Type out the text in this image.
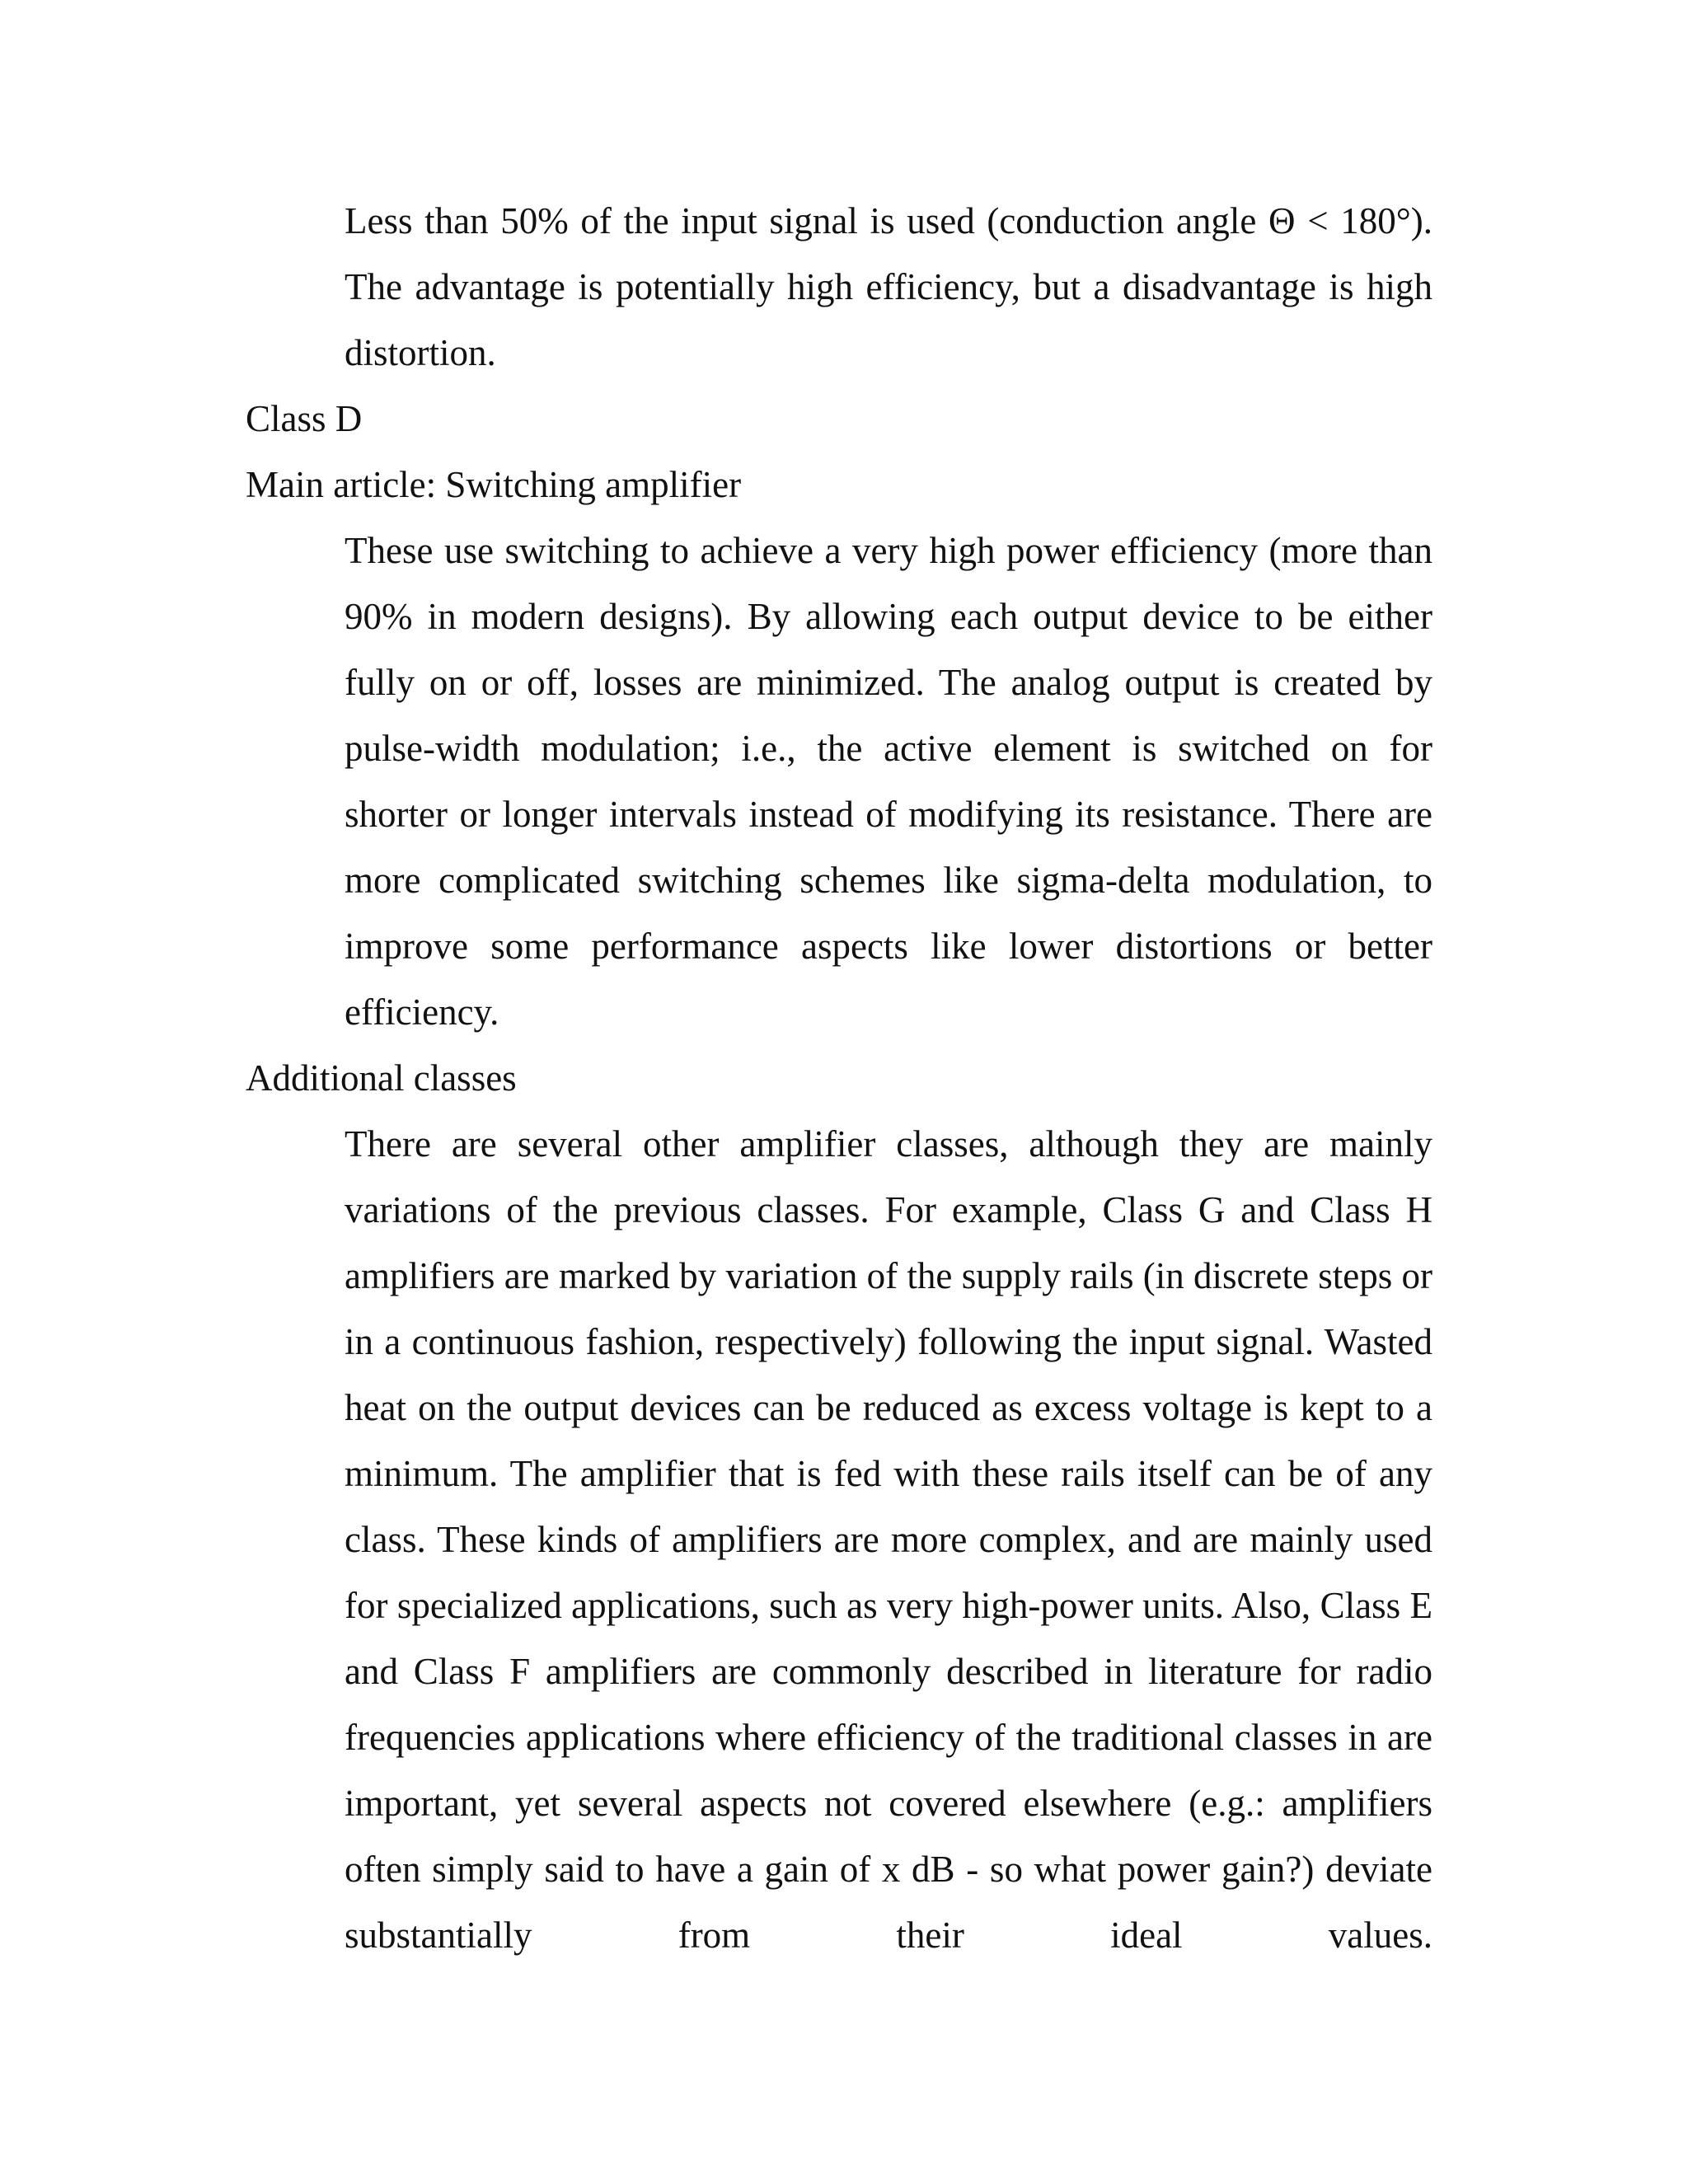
Less than 50% of the input signal is used (conduction angle Θ < 180°). The advantage is potentially high efficiency, but a disadvantage is high distortion.

Class D
Main article: Switching amplifier

These use switching to achieve a very high power efficiency (more than 90% in modern designs). By allowing each output device to be either fully on or off, losses are minimized. The analog output is created by pulse-width modulation; i.e., the active element is switched on for shorter or longer intervals instead of modifying its resistance. There are more complicated switching schemes like sigma-delta modulation, to improve some performance aspects like lower distortions or better efficiency.

Additional classes

There are several other amplifier classes, although they are mainly variations of the previous classes. For example, Class G and Class H amplifiers are marked by variation of the supply rails (in discrete steps or in a continuous fashion, respectively) following the input signal. Wasted heat on the output devices can be reduced as excess voltage is kept to a minimum. The amplifier that is fed with these rails itself can be of any class. These kinds of amplifiers are more complex, and are mainly used for specialized applications, such as very high-power units. Also, Class E and Class F amplifiers are commonly described in literature for radio frequencies applications where efficiency of the traditional classes in are important, yet several aspects not covered elsewhere (e.g.: amplifiers often simply said to have a gain of x dB - so what power gain?) deviate substantially from their ideal values.
